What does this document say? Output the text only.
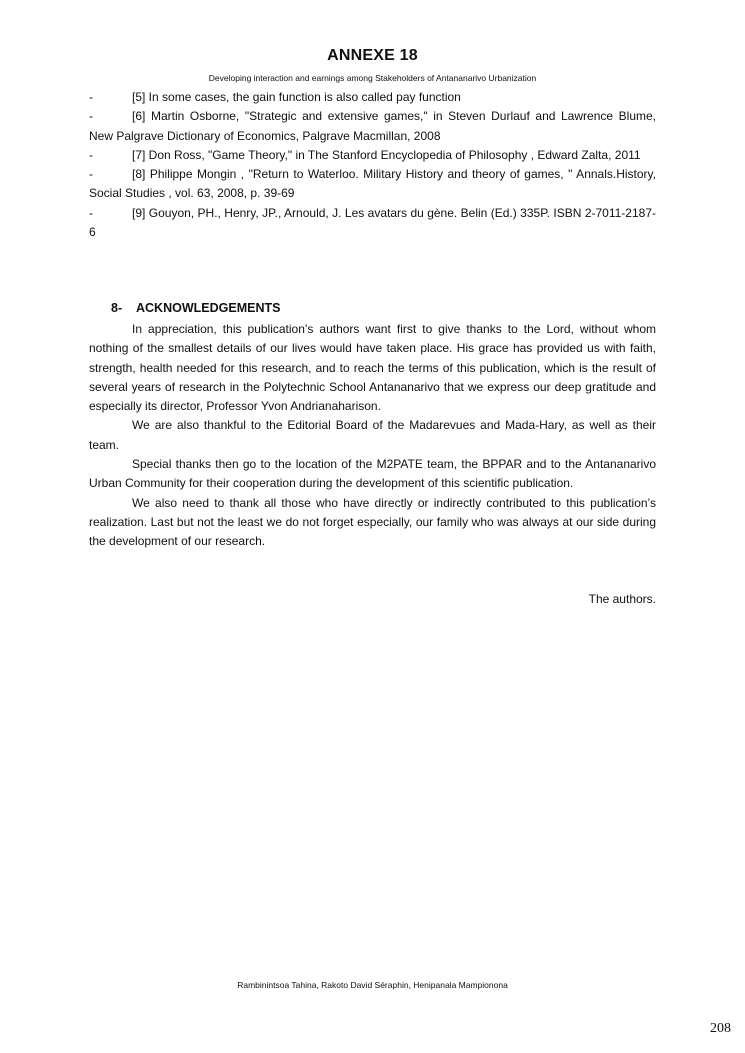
ANNEXE 18
Developing interaction and earnings among Stakeholders of Antananarivo Urbanization

-	[5] In some cases, the gain function is also called pay function

-	[6] Martin Osborne, "Strategic and extensive games," in Steven Durlauf and Lawrence Blume, New Palgrave Dictionary of Economics, Palgrave Macmillan, 2008

-	[7] Don Ross, "Game Theory," in The Stanford Encyclopedia of Philosophy , Edward Zalta, 2011

-	[8] Philippe Mongin , "Return to Waterloo. Military History and theory of games, " Annals.History, Social Studies , vol. 63, 2008, p. 39-69

-	[9] Gouyon, PH., Henry, JP., Arnould, J. Les avatars du gène. Belin (Ed.) 335P. ISBN 2-7011-2187-6

8- ACKNOWLEDGEMENTS

In appreciation, this publication’s authors want first to give thanks to the Lord, without whom nothing of the smallest details of our lives would have taken place. His grace has provided us with faith, strength, health needed for this research, and to reach the terms of this publication, which is the result of several years of research in the Polytechnic School Antananarivo that we express our deep gratitude and especially its director, Professor Yvon Andrianaharison.

We are also thankful to the Editorial Board of the Madarevues and Mada-Hary, as well as their team.

Special thanks then go to the location of the M2PATE team, the BPPAR and to the Antananarivo Urban Community for their cooperation during the development of this scientific publication.

We also need to thank all those who have directly or indirectly contributed to this publication’s realization. Last but not the least we do not forget especially, our family who was always at our side during the development of our research.

The authors.
Rambinintsoa Tahina, Rakoto David Séraphin, Henipanala Mampionona
208
